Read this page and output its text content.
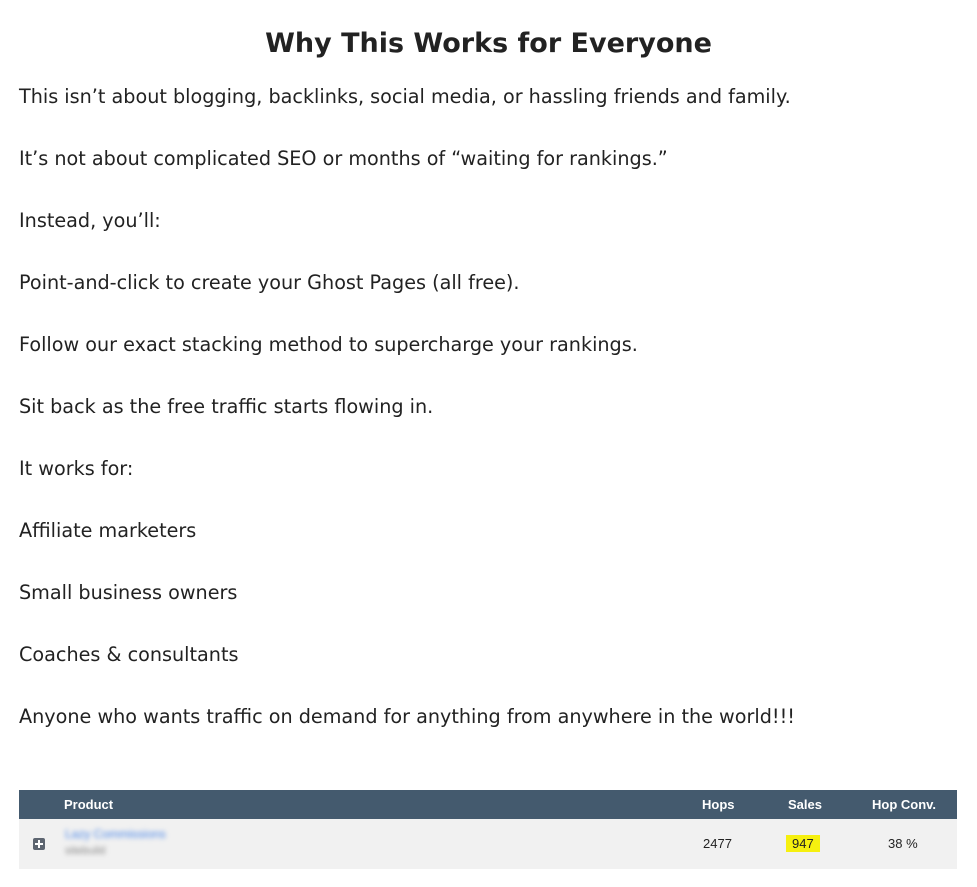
Why This Works for Everyone

This isn’t about blogging, backlinks, social media, or hassling friends and family.

It’s not about complicated SEO or months of “waiting for rankings.”

Instead, you’ll:

Point-and-click to create your Ghost Pages (all free).

Follow our exact stacking method to supercharge your rankings.

Sit back as the free traffic starts flowing in.

It works for:

Affiliate marketers

Small business owners

Coaches & consultants

Anyone who wants traffic on demand for anything from anywhere in the world!!!

Product	Hops	Sales	Hop Conv.
Lazy Commissions
sitebuild	2477	947	38 %
